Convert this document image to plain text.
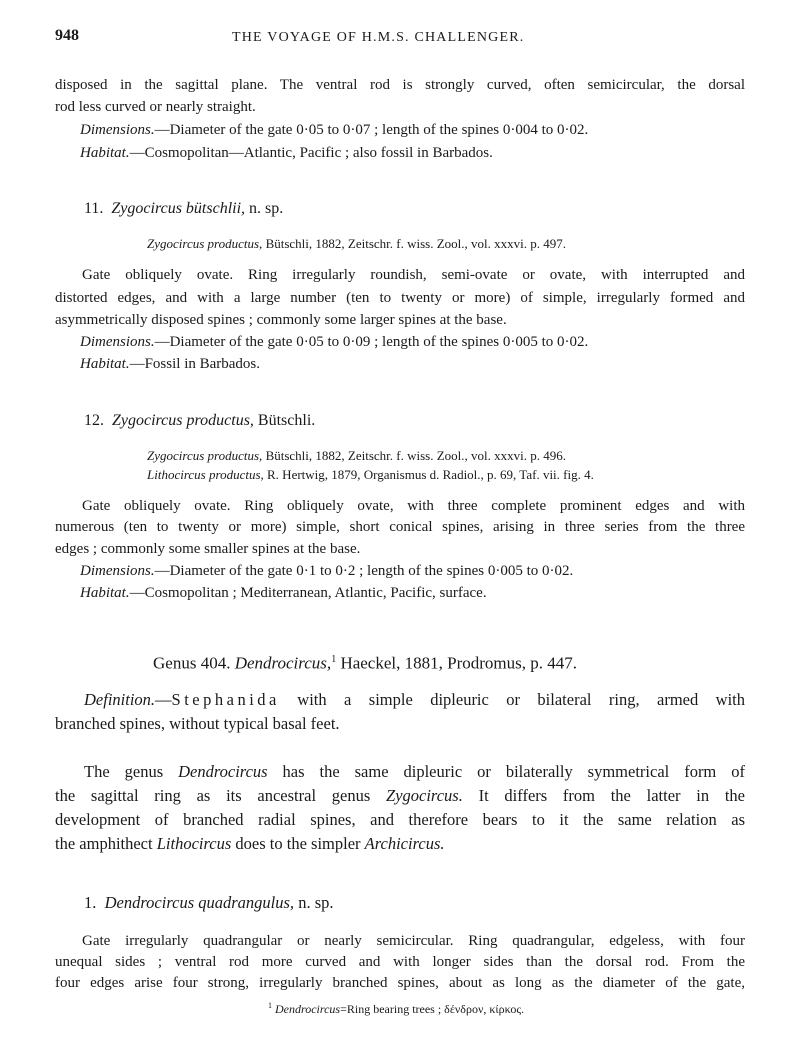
948	THE VOYAGE OF H.M.S. CHALLENGER.
disposed in the sagittal plane. The ventral rod is strongly curved, often semicircular, the dorsal
rod less curved or nearly straight.
Dimensions.—Diameter of the gate 0·05 to 0·07 ; length of the spines 0·004 to 0·02.
Habitat.—Cosmopolitan—Atlantic, Pacific ; also fossil in Barbados.
11. Zygocircus bütschlii, n. sp.
Zygocircus productus, Bütschli, 1882, Zeitschr. f. wiss. Zool., vol. xxxvi. p. 497.
Gate obliquely ovate. Ring irregularly roundish, semi-ovate or ovate, with interrupted and
distorted edges, and with a large number (ten to twenty or more) of simple, irregularly formed and
asymmetrically disposed spines ; commonly some larger spines at the base.
Dimensions.—Diameter of the gate 0·05 to 0·09 ; length of the spines 0·005 to 0·02.
Habitat.—Fossil in Barbados.
12. Zygocircus productus, Bütschli.
Zygocircus productus, Bütschli, 1882, Zeitschr. f. wiss. Zool., vol. xxxvi. p. 496.
Lithocircus productus, R. Hertwig, 1879, Organismus d. Radiol., p. 69, Taf. vii. fig. 4.
Gate obliquely ovate. Ring obliquely ovate, with three complete prominent edges and with
numerous (ten to twenty or more) simple, short conical spines, arising in three series from the three
edges ; commonly some smaller spines at the base.
Dimensions.—Diameter of the gate 0·1 to 0·2 ; length of the spines 0·005 to 0·02.
Habitat.—Cosmopolitan ; Mediterranean, Atlantic, Pacific, surface.
Genus 404. Dendrocircus,$^1$ Haeckel, 1881, Prodromus, p. 447.
Definition.—Stephanida with a simple dipleuric or bilateral ring, armed with
branched spines, without typical basal feet.
The genus Dendrocircus has the same dipleuric or bilaterally symmetrical form of
the sagittal ring as its ancestral genus Zygocircus. It differs from the latter in the
development of branched radial spines, and therefore bears to it the same relation as
the amphithect Lithocircus does to the simpler Archicircus.
1. Dendrocircus quadrangulus, n. sp.
Gate irregularly quadrangular or nearly semicircular. Ring quadrangular, edgeless, with four
unequal sides ; ventral rod more curved and with longer sides than the dorsal rod. From the
four edges arise four strong, irregularly branched spines, about as long as the diameter of the gate,
$^1$ Dendrocircus=Ring bearing trees ; δένδρον, κίρκος.
